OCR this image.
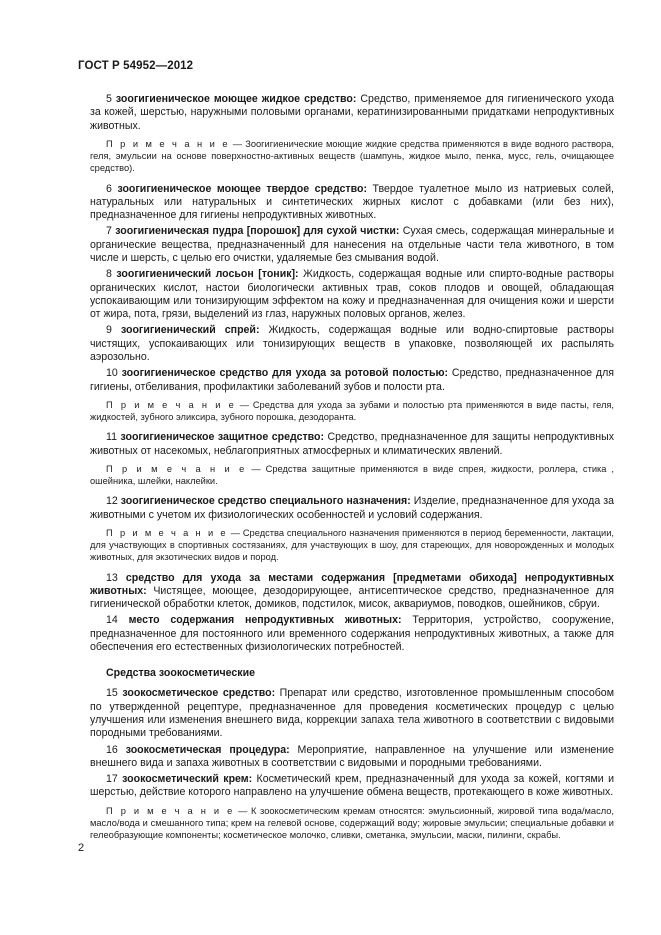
ГОСТ Р 54952—2012

5 зоогигиеническое моющее жидкое средство: Средство, применяемое для гигиенического ухода за кожей, шерстью, наружными половыми органами, кератинизированными придатками непродуктивных животных.

П р и м е ч а н и е — Зоогигиенические моющие жидкие средства применяются в виде водного раствора, геля, эмульсии на основе поверхностно-активных веществ (шампунь, жидкое мыло, пенка, мусс, гель, очищающее средство).

6 зоогигиеническое моющее твердое средство: Твердое туалетное мыло из натриевых солей, натуральных или натуральных и синтетических жирных кислот с добавками (или без них), предназначенное для гигиены непродуктивных животных.

7 зоогигиеническая пудра [порошок] для сухой чистки: Сухая смесь, содержащая минеральные и органические вещества, предназначенный для нанесения на отдельные части тела животного, в том числе и шерсть, с целью его очистки, удаляемые без смывания водой.

8 зоогигиенический лосьон [тоник]: Жидкость, содержащая водные или спирто-водные растворы органических кислот, настои биологически активных трав, соков плодов и овощей, обладающая успокаивающим или тонизирующим эффектом на кожу и предназначенная для очищения кожи и шерсти от жира, пота, грязи, выделений из глаз, наружных половых органов, желез.

9 зоогигиенический спрей: Жидкость, содержащая водные или водно-спиртовые растворы чистящих, успокаивающих или тонизирующих веществ в упаковке, позволяющей их распылять аэрозольно.

10 зоогигиеническое средство для ухода за ротовой полостью: Средство, предназначенное для гигиены, отбеливания, профилактики заболеваний зубов и полости рта.

П р и м е ч а н и е — Средства для ухода за зубами и полостью рта применяются в виде пасты, геля, жидкостей, зубного эликсира, зубного порошка, дезодоранта.

11 зоогигиеническое защитное средство: Средство, предназначенное для защиты непродуктивных животных от насекомых, неблагоприятных атмосферных и климатических явлений.

П р и м е ч а н и е — Средства защитные применяются в виде спрея, жидкости, роллера, стика , ошейника, шлейки, наклейки.

12 зоогигиеническое средство специального назначения: Изделие, предназначенное для ухода за животными с учетом их физиологических особенностей и условий содержания.

П р и м е ч а н и е — Средства специального назначения применяются в период беременности, лактации, для участвующих в спортивных состязаниях, для участвующих в шоу, для стареющих, для новорожденных и молодых животных, для экзотических видов и пород.

13 средство для ухода за местами содержания [предметами обихода] непродуктивных животных: Чистящее, моющее, дезодорирующее, антисептическое средство, предназначенное для гигиенической обработки клеток, домиков, подстилок, мисок, аквариумов, поводков, ошейников, сбруи.

14 место содержания непродуктивных животных: Территория, устройство, сооружение, предназначенное для постоянного или временного содержания непродуктивных животных, а также для обеспечения его естественных физиологических потребностей.

Средства зоокосметические

15 зоокосметическое средство: Препарат или средство, изготовленное промышленным способом по утвержденной рецептуре, предназначенное для проведения косметических процедур с целью улучшения или изменения внешнего вида, коррекции запаха тела животного в соответствии с видовыми породными требованиями.

16 зоокосметическая процедура: Мероприятие, направленное на улучшение или изменение внешнего вида и запаха животных в соответствии с видовыми и породными требованиями.

17 зоокосметический крем: Косметический крем, предназначенный для ухода за кожей, когтями и шерстью, действие которого направлено на улучшение обмена веществ, протекающего в коже животных.

П р и м е ч а н и е — К зоокосметическим кремам относятся: эмульсионный, жировой типа вода/масло, масло/вода и смешанного типа; крем на гелевой основе, содержащий воду; жировые эмульсии; специальные добавки и гелеобразующие компоненты; косметическое молочко, сливки, сметанка, эмульсии, маски, пилинги, скрабы.

2
